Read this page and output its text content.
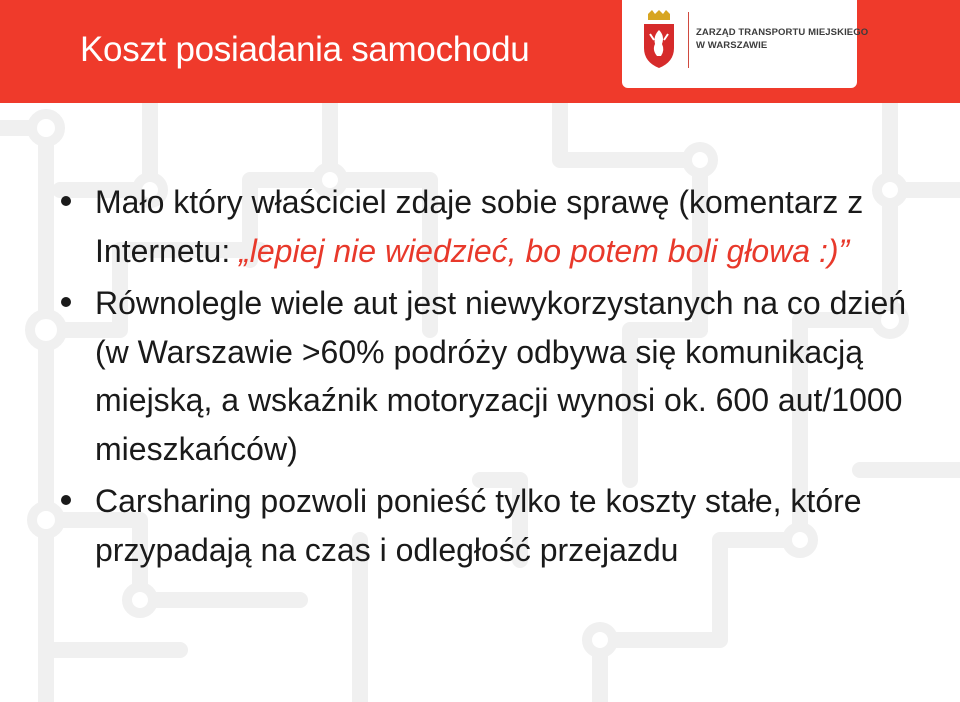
Koszt posiadania samochodu	ZARZĄD TRANSPORTU MIEJSKIEGO
W WARSZAWIE
Mało który właściciel zdaje sobie sprawę (komentarz z Internetu: „lepiej nie wiedzieć, bo potem boli głowa :)”
Równolegle wiele aut jest niewykorzystanych na co dzień (w Warszawie >60% podróży odbywa się komunikacją miejską, a wskaźnik motoryzacji wynosi ok. 600 aut/1000 mieszkańców)
Carsharing pozwoli ponieść tylko te koszty stałe, które przypadają na czas i odległość przejazdu
